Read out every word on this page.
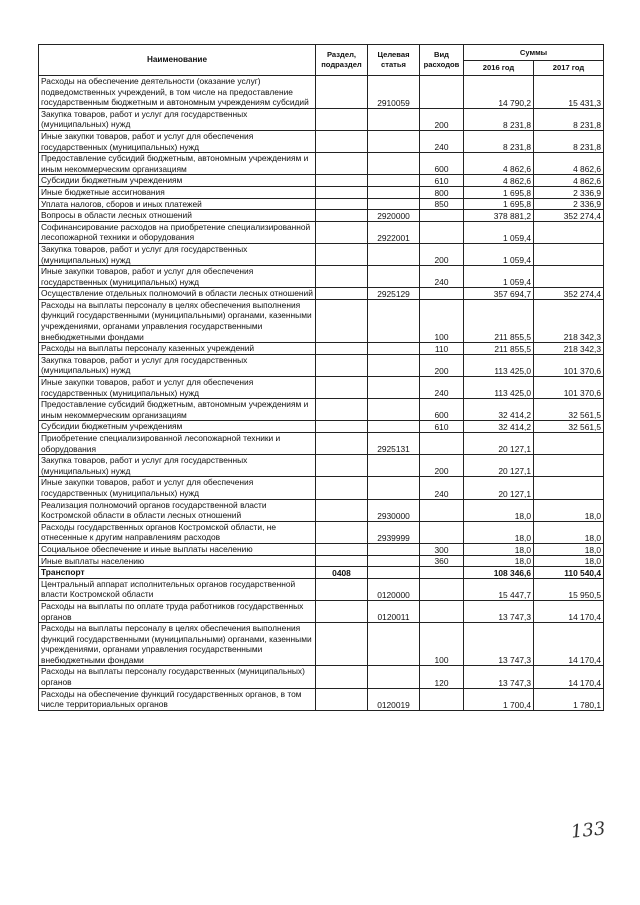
Наименование	Раздел, подраздел	Целевая статья	Вид расходов	Суммы	
				2016 год	2017 год
Расходы на обеспечение деятельности (оказание услуг) подведомственных учреждений, в том числе на предоставление государственным бюджетным и автономным учреждениям субсидий		2910059		14 790,2	15 431,3
Закупка товаров, работ и услуг для государственных (муниципальных) нужд			200	8 231,8	8 231,8
Иные закупки товаров, работ и услуг для обеспечения государственных (муниципальных) нужд			240	8 231,8	8 231,8
Предоставление субсидий бюджетным, автономным учреждениям и иным некоммерческим организациям			600	4 862,6	4 862,6
Субсидии бюджетным учреждениям			610	4 862,6	4 862,6
Иные бюджетные ассигнования			800	1 695,8	2 336,9
Уплата налогов, сборов и иных платежей			850	1 695,8	2 336,9
Вопросы в области лесных отношений		2920000		378 881,2	352 274,4
Софинансирование расходов на приобретение специализированной лесопожарной техники и оборудования		2922001		1 059,4	
Закупка товаров, работ и услуг для государственных (муниципальных) нужд			200	1 059,4	
Иные закупки товаров, работ и услуг для обеспечения государственных (муниципальных) нужд			240	1 059,4	
Осуществление отдельных полномочий в области лесных отношений		2925129		357 694,7	352 274,4
Расходы на выплаты персоналу в целях обеспечения выполнения функций государственными (муниципальными) органами, казенными учреждениями, органами управления государственными внебюджетными фондами			100	211 855,5	218 342,3
Расходы на выплаты персоналу казенных учреждений			110	211 855,5	218 342,3
Закупка товаров, работ и услуг для государственных (муниципальных) нужд			200	113 425,0	101 370,6
Иные закупки товаров, работ и услуг для обеспечения государственных (муниципальных) нужд			240	113 425,0	101 370,6
Предоставление субсидий бюджетным, автономным учреждениям и иным некоммерческим организациям			600	32 414,2	32 561,5
Субсидии бюджетным учреждениям			610	32 414,2	32 561,5
Приобретение специализированной лесопожарной техники и оборудования		2925131		20 127,1	
Закупка товаров, работ и услуг для государственных (муниципальных) нужд			200	20 127,1	
Иные закупки товаров, работ и услуг для обеспечения государственных (муниципальных) нужд			240	20 127,1	
Реализация полномочий органов государственной власти Костромской области в области лесных отношений		2930000		18,0	18,0
Расходы государственных органов Костромской области, не отнесенные к другим направлениям расходов		2939999		18,0	18,0
Социальное обеспечение и иные выплаты населению			300	18,0	18,0
Иные выплаты населению			360	18,0	18,0
Транспорт	0408			108 346,6	110 540,4
Центральный аппарат исполнительных органов государственной власти Костромской области		0120000		15 447,7	15 950,5
Расходы на выплаты по оплате труда работников государственных органов		0120011		13 747,3	14 170,4
Расходы на выплаты персоналу в целях обеспечения выполнения функций государственными (муниципальными) органами, казенными учреждениями, органами управления государственными внебюджетными фондами			100	13 747,3	14 170,4
Расходы на выплаты персоналу государственных (муниципальных) органов			120	13 747,3	14 170,4
Расходы на обеспечение функций государственных органов, в том числе территориальных органов		0120019		1 700,4	1 780,1
133
